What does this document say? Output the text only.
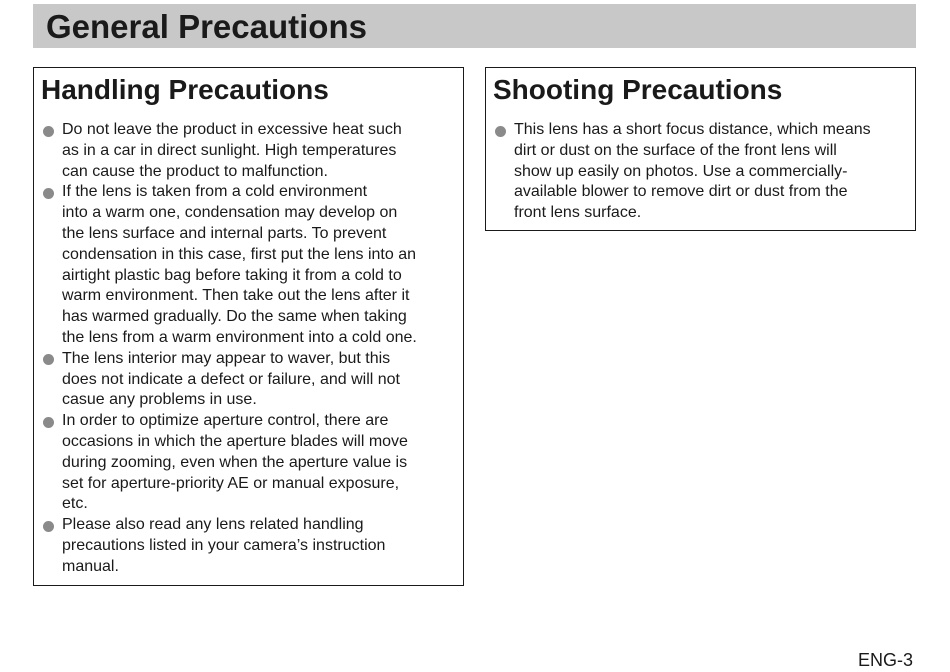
General Precautions
Handling Precautions
Do not leave the product in excessive heat such
as in a car in direct sunlight. High temperatures
can cause the product to malfunction.
If the lens is taken from a cold environment
into a warm one, condensation may develop on
the lens surface and internal parts. To prevent
condensation in this case, first put the lens into an
airtight plastic bag before taking it from a cold to
warm environment. Then take out the lens after it
has warmed gradually. Do the same when taking
the lens from a warm environment into a cold one.
The lens interior may appear to waver, but this
does not indicate a defect or failure, and will not
casue any problems in use.
In order to optimize aperture control, there are
occasions in which the aperture blades will move
during zooming, even when the aperture value is
set for aperture-priority AE or manual exposure,
etc.
Please also read any lens related handling
precautions listed in your camera’s instruction
manual.
Shooting Precautions
This lens has a short focus distance, which means
dirt or dust on the surface of the front lens will
show up easily on photos. Use a commercially-
available blower to remove dirt or dust from the
front lens surface.
ENG-3
